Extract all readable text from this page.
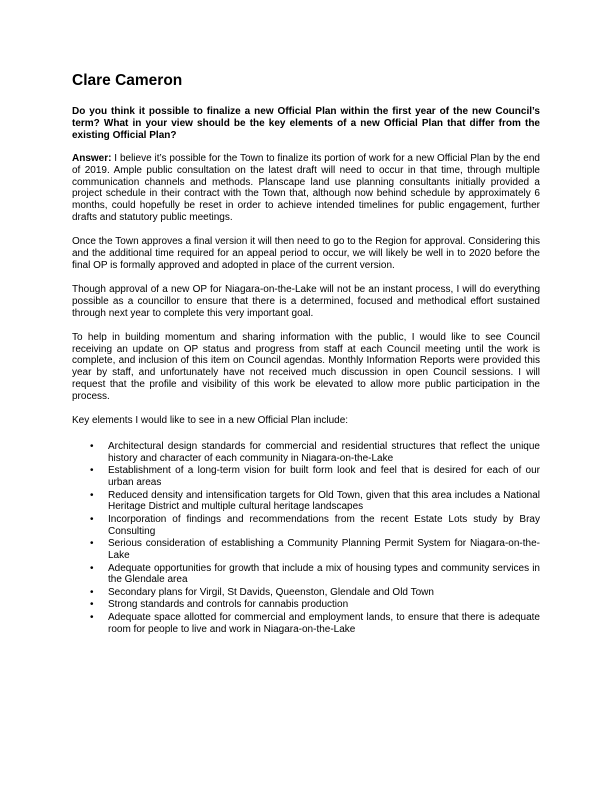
Clare Cameron

Do you think it possible to finalize a new Official Plan within the first year of the new Council’s term? What in your view should be the key elements of a new Official Plan that differ from the existing Official Plan?

Answer: I believe it’s possible for the Town to finalize its portion of work for a new Official Plan by the end of 2019. Ample public consultation on the latest draft will need to occur in that time, through multiple communication channels and methods. Planscape land use planning consultants initially provided a project schedule in their contract with the Town that, although now behind schedule by approximately 6 months, could hopefully be reset in order to achieve intended timelines for public engagement, further drafts and statutory public meetings.

Once the Town approves a final version it will then need to go to the Region for approval. Considering this and the additional time required for an appeal period to occur, we will likely be well in to 2020 before the final OP is formally approved and adopted in place of the current version.

Though approval of a new OP for Niagara-on-the-Lake will not be an instant process, I will do everything possible as a councillor to ensure that there is a determined, focused and methodical effort sustained through next year to complete this very important goal.

To help in building momentum and sharing information with the public, I would like to see Council receiving an update on OP status and progress from staff at each Council meeting until the work is complete, and inclusion of this item on Council agendas. Monthly Information Reports were provided this year by staff, and unfortunately have not received much discussion in open Council sessions. I will request that the profile and visibility of this work be elevated to allow more public participation in the process.

Key elements I would like to see in a new Official Plan include:

• Architectural design standards for commercial and residential structures that reflect the unique history and character of each community in Niagara-on-the-Lake
• Establishment of a long-term vision for built form look and feel that is desired for each of our urban areas
• Reduced density and intensification targets for Old Town, given that this area includes a National Heritage District and multiple cultural heritage landscapes
• Incorporation of findings and recommendations from the recent Estate Lots study by Bray Consulting
• Serious consideration of establishing a Community Planning Permit System for Niagara-on-the-Lake
• Adequate opportunities for growth that include a mix of housing types and community services in the Glendale area
• Secondary plans for Virgil, St Davids, Queenston, Glendale and Old Town
• Strong standards and controls for cannabis production
• Adequate space allotted for commercial and employment lands, to ensure that there is adequate room for people to live and work in Niagara-on-the-Lake
